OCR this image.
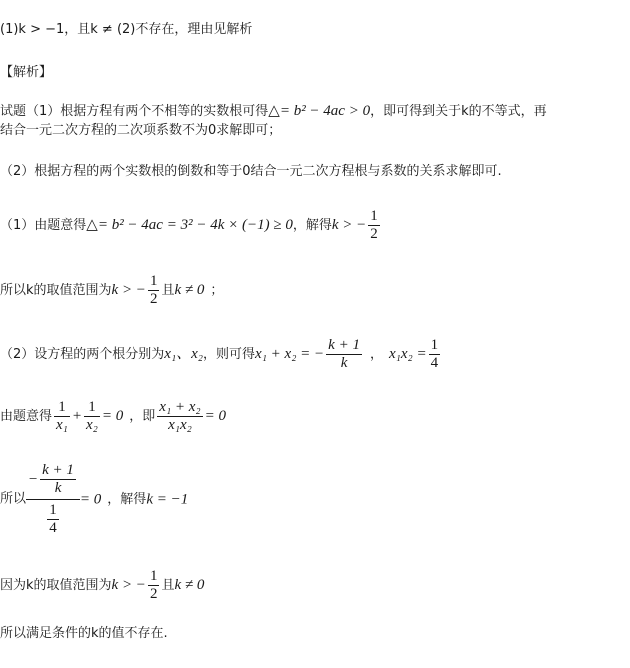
(1)k > −1，且k ≠ (2)不存在，理由见解析
【解析】
试题（1）根据方程有两个不相等的实数根可得△= b² − 4ac > 0，即可得到关于k的不等式，再
结合一元二次方程的二次项系数不为0求解即可；
（2）根据方程的两个实数根的倒数和等于0结合一元二次方程根与系数的关系求解即可.
（1）由题意得△= b² − 4ac = 3² − 4k × (−1) ≥ 0，解得k > − $\frac{1}{2}$
所以k的取值范围为k > − $\frac{1}{2}$ 且k ≠ 0 ；
（2）设方程的两个根分别为x₁、x₂，则可得x₁ + x₂ = − $\frac{k + 1}{k}$ ， $x_1x_2 = \frac{1}{4}$
由题意得 $\frac{1}{\text{x₁}} + \frac{1}{\text{x₂}} = 0$ ，即 $\frac{\text{x₁ + x₂}}{\text{x₁x₂}} = 0$
所以 $\frac{- \frac{k + 1}{k}}{\frac{1}{4}} = 0$ ，解得k = −1
因为k的取值范围为k > − $\frac{1}{2}$ 且k ≠ 0
所以满足条件的k的值不存在.
